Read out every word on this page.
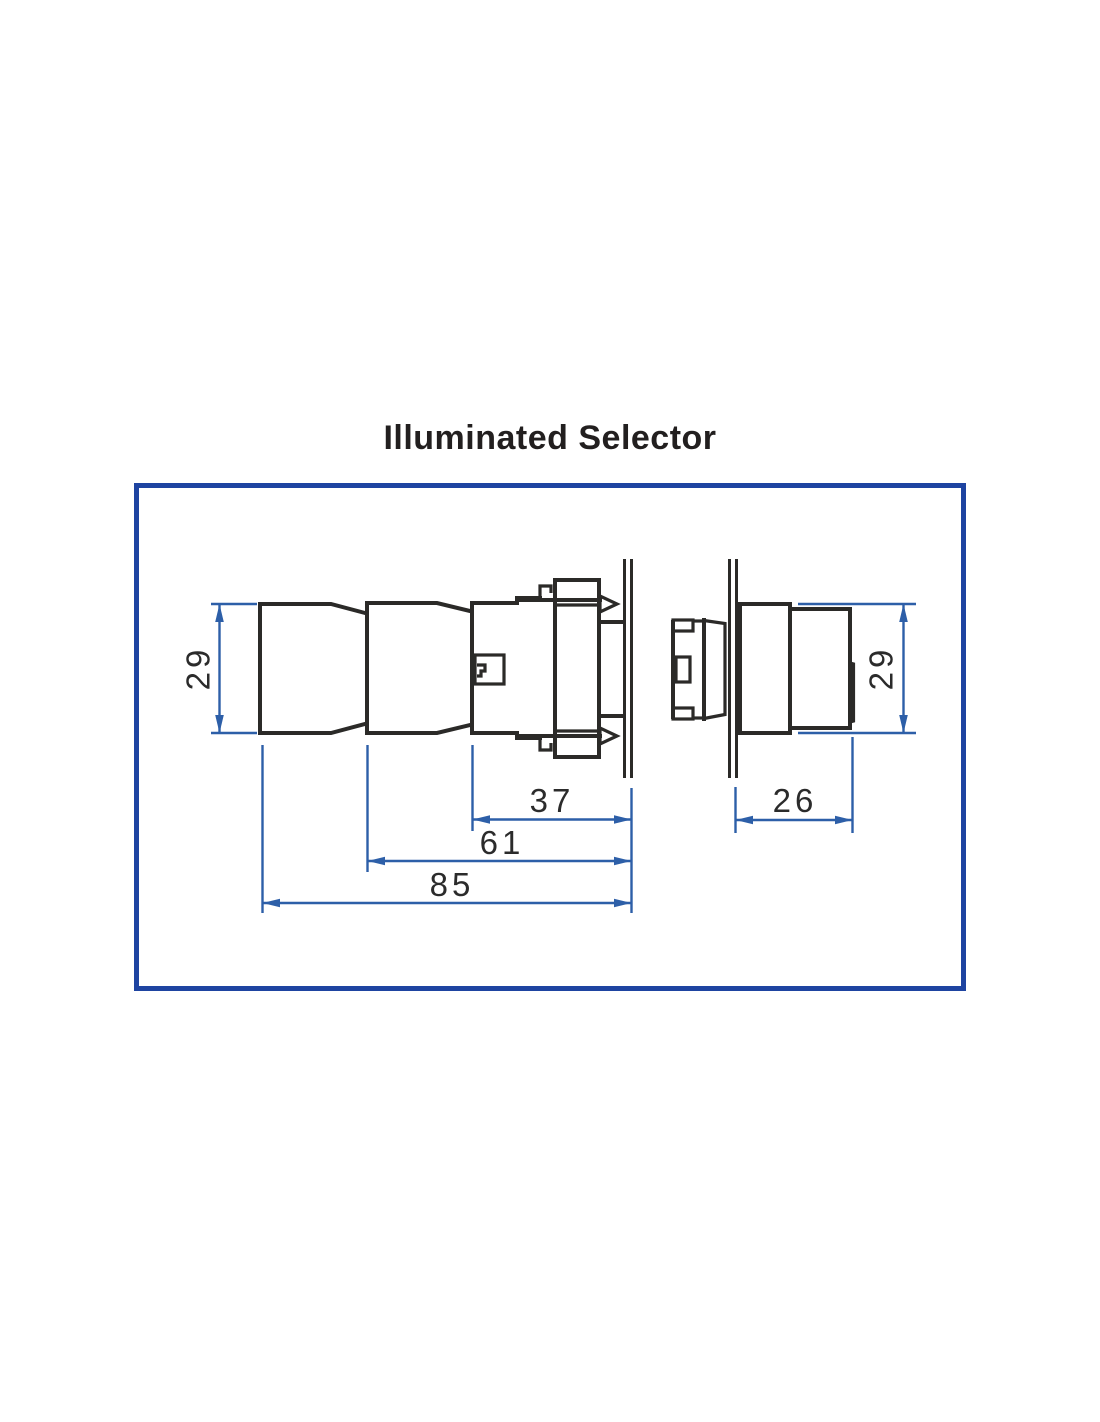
Illuminated Selector
29
37
61
85
26
29
